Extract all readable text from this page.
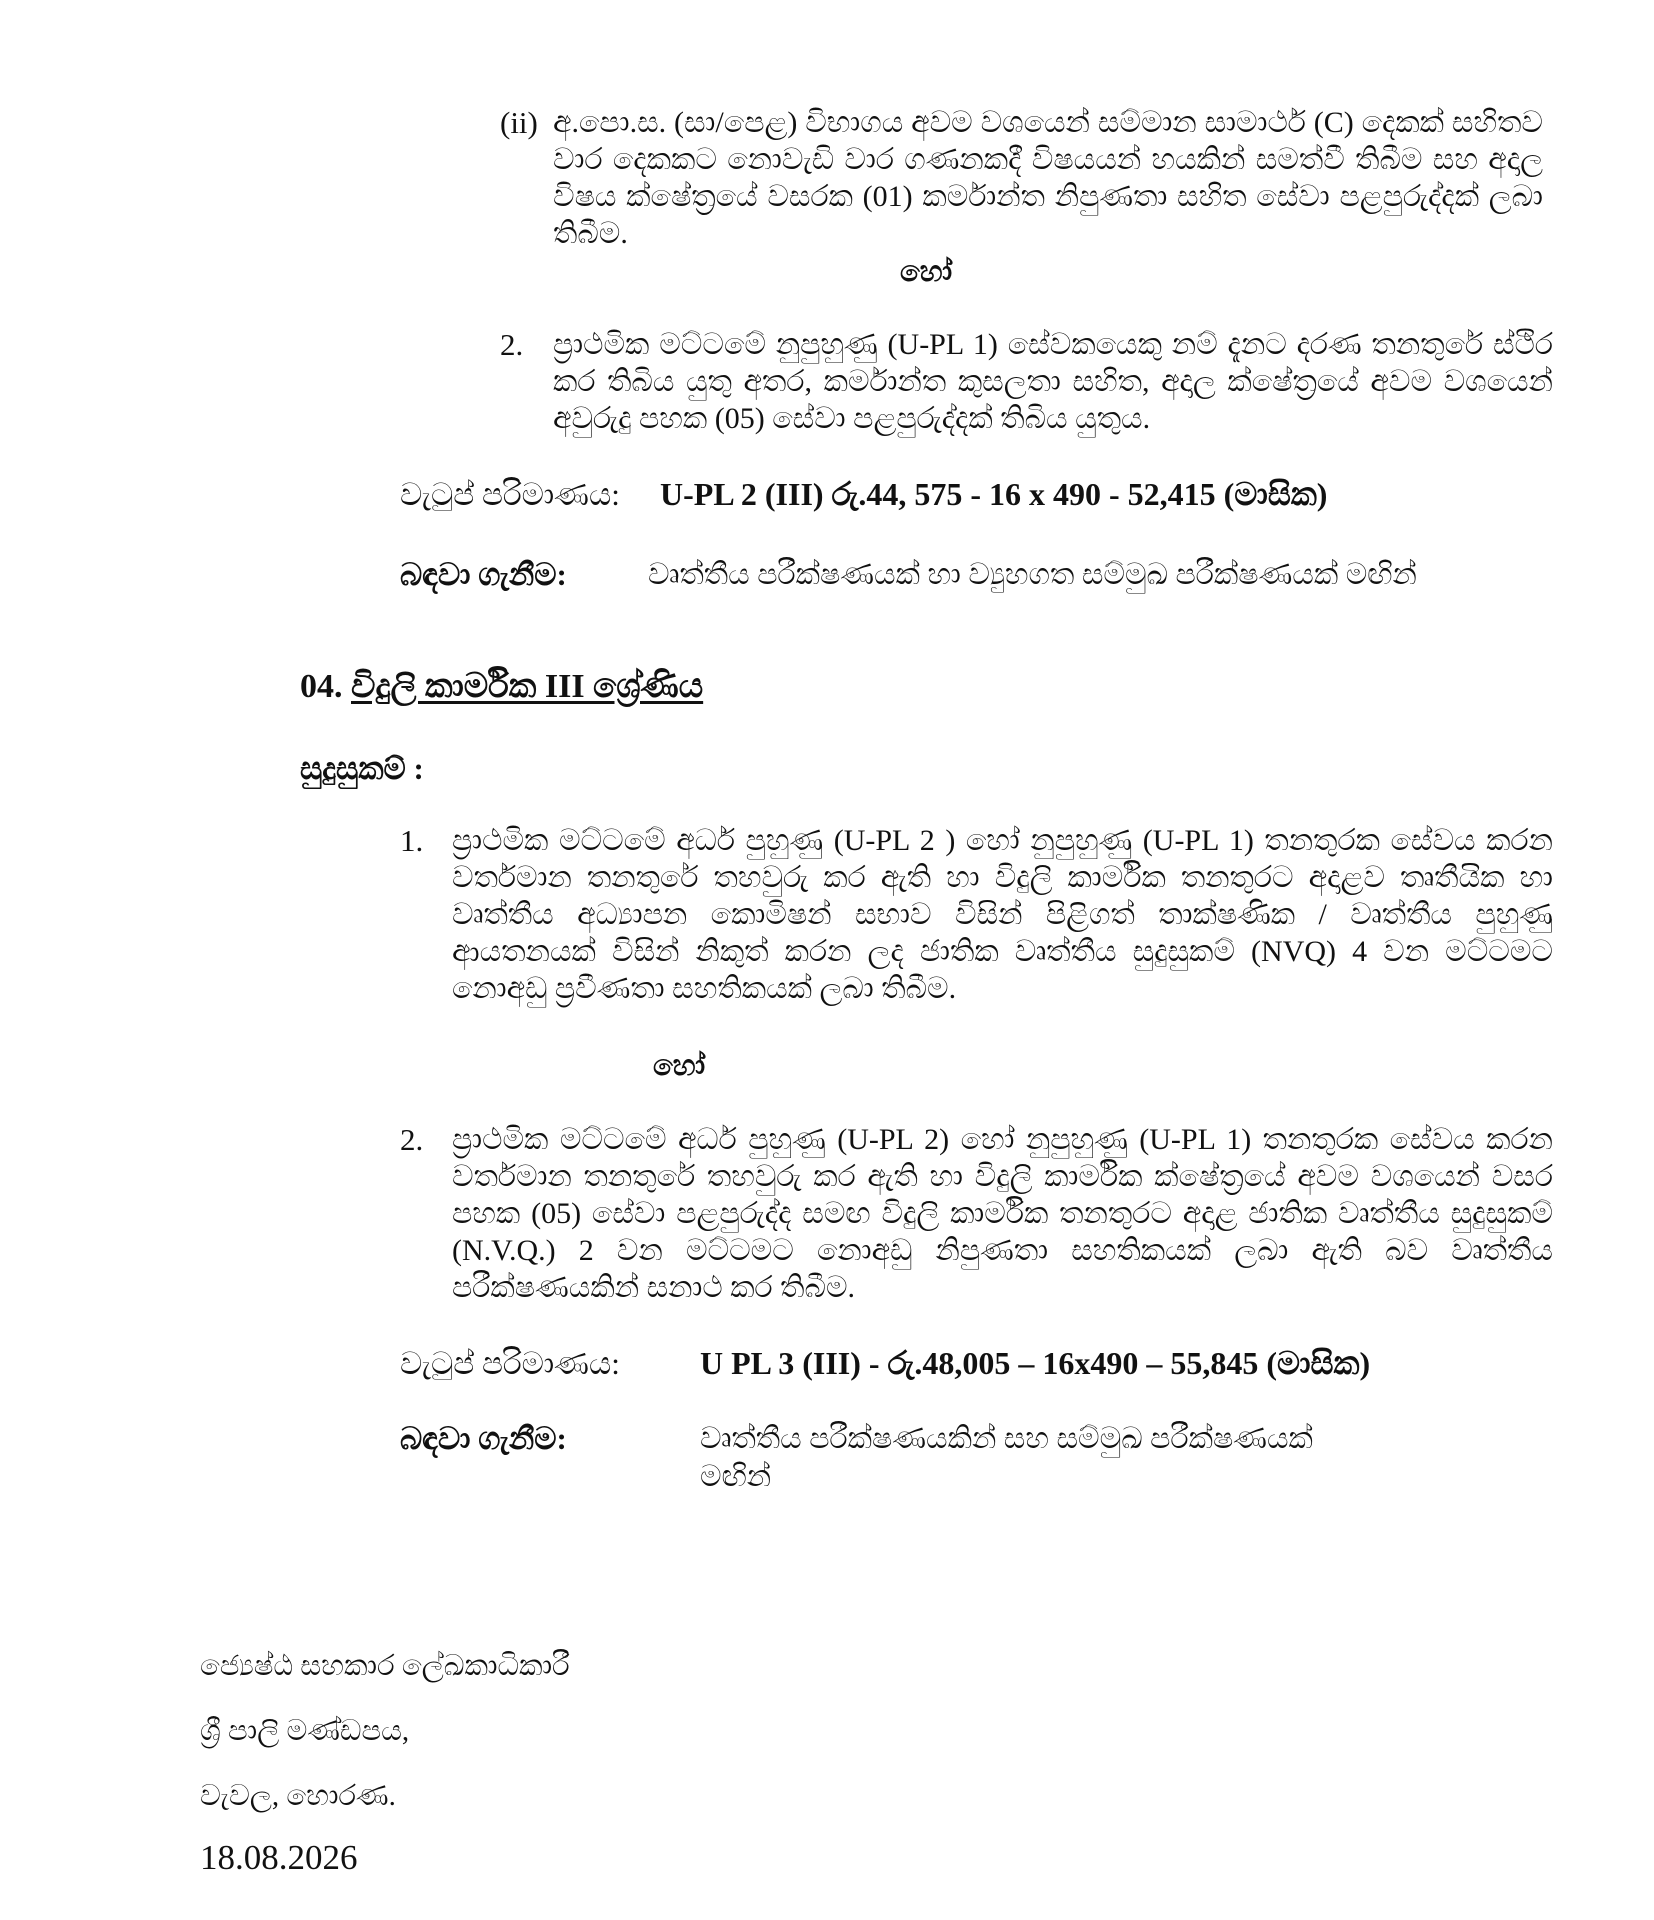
(ii) අ.පො.ස. (සා/පෙළ) විභාගය අවම වශයෙන් සම්මාන සාමාර්ථ (C) දෙකක් සහිතව වාර දෙකකට නොවැඩි වාර ගණනකදී විෂයයන් හයකින් සමත්වී තිබීම සහ අදාල විෂය ක්ෂේත්‍රයේ වසරක (01) කර්මාන්ත නිපුණතා සහිත සේවා පළපුරුද්දක් ලබා තිබීම.
හෝ
2. ප්‍රාථමික මට්ටමේ නුපුහුණු (U-PL 1) සේවකයෙකු නම් දැනට දරණ තනතුරේ ස්ථිර කර තිබිය යුතු අතර, කර්මාන්ත කුසලතා සහිත, අදාල ක්ෂේත්‍රයේ අවම වශයෙන් අවුරුදු පහක (05) සේවා පළපුරුද්දක් තිබිය යුතුය.
වැටුප් පරිමාණය: U-PL 2 (III) රු.44, 575 - 16 x 490 - 52,415 (මාසික)
බඳවා ගැනීම:	වෘත්තීය පරීක්ෂණයක් හා ව්‍යුහගත සම්මුඛ පරීක්ෂණයක් මඟින්
04. විදුලි කාර්මික III ශ්‍රේණිය
සුදුසුකම් :
1. ප්‍රාථමික මට්ටමේ අර්ධ පුහුණු (U-PL 2 ) හෝ නුපුහුණු (U-PL 1) තනතුරක සේවය කරන වර්තමාන තනතුරේ තහවුරු කර ඇති හා විදුලි කාර්මික තනතුරට අදාළව තෘතීයික හා වෘත්තීය අධ්‍යාපන කොමිෂන් සභාව විසින් පිළිගත් තාක්ෂණික / වෘත්තීය පුහුණු ආයතනයක් විසින් නිකුත් කරන ලද ජාතික වෘත්තීය සුදුසුකම් (NVQ) 4 වන මට්ටමට නොඅඩු ප්‍රවීණතා සහතිකයක් ලබා තිබීම.
හෝ
2. ප්‍රාථමික මට්ටමේ අර්ධ පුහුණු (U-PL 2) හෝ නුපුහුණු (U-PL 1) තනතුරක සේවය කරන වර්තමාන තනතුරේ තහවුරු කර ඇති හා විදුලි කාර්මික ක්ෂේත්‍රයේ අවම වශයෙන් වසර පහක (05) සේවා පළපුරුද්ද සමඟ විදුලි කාර්මික තනතුරට අදාළ ජාතික වෘත්තීය සුදුසුකම් (N.V.Q.) 2 වන මට්ටමට නොඅඩු නිපුණතා සහතිකයක් ලබා ඇති බව වෘත්තීය පරීක්ෂණයකින් සනාථ කර තිබීම.
වැටුප් පරිමාණය:	U PL 3 (III) - රු.48,005 – 16x490 – 55,845 (මාසික)
බඳවා ගැනීම:	වෘත්තීය පරීක්ෂණයකින් සහ සම්මුඛ පරීක්ෂණයක්
මඟින්
ජ්‍යෙෂ්ඨ සහකාර ලේඛකාධිකාරී
ශ්‍රී පාලි මණ්ඩපය,
වැවල, හොරණ.
18.08.2026
